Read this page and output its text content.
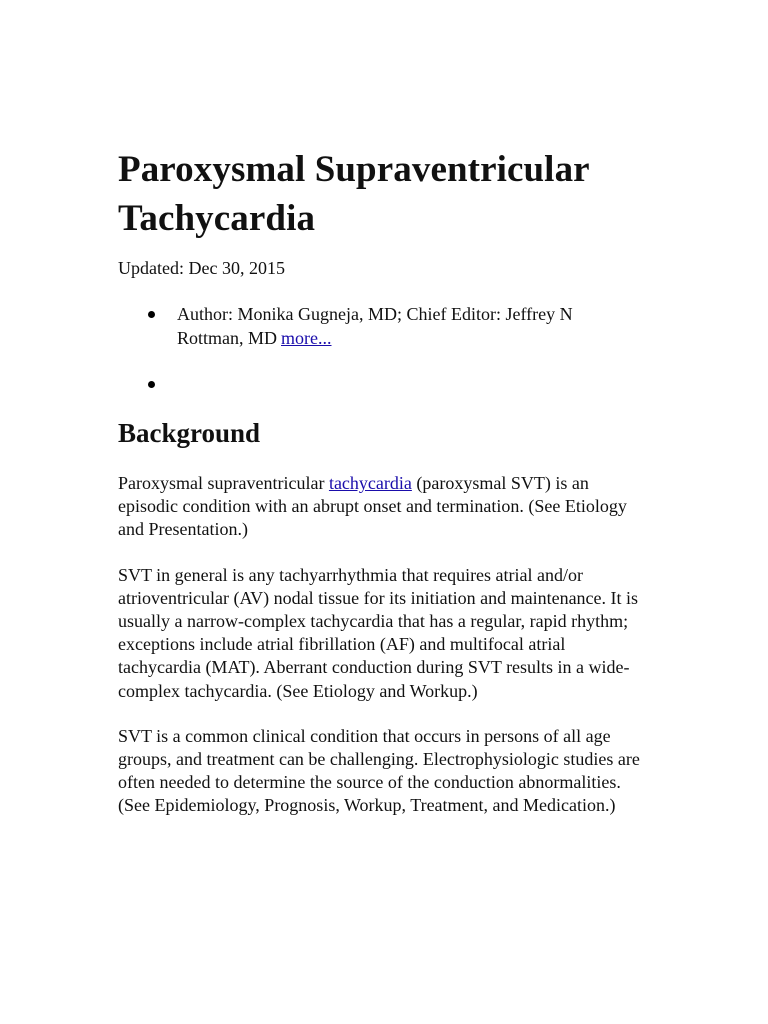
Paroxysmal Supraventricular Tachycardia
Updated: Dec 30, 2015
Author: Monika Gugneja, MD; Chief Editor: Jeffrey N Rottman, MD more...
Background

Paroxysmal supraventricular tachycardia (paroxysmal SVT) is an episodic condition with an abrupt onset and termination. (See Etiology and Presentation.)

SVT in general is any tachyarrhythmia that requires atrial and/or atrioventricular (AV) nodal tissue for its initiation and maintenance. It is usually a narrow-complex tachycardia that has a regular, rapid rhythm; exceptions include atrial fibrillation (AF) and multifocal atrial tachycardia (MAT). Aberrant conduction during SVT results in a wide-complex tachycardia. (See Etiology and Workup.)

SVT is a common clinical condition that occurs in persons of all age groups, and treatment can be challenging. Electrophysiologic studies are often needed to determine the source of the conduction abnormalities. (See Epidemiology, Prognosis, Workup, Treatment, and Medication.)
